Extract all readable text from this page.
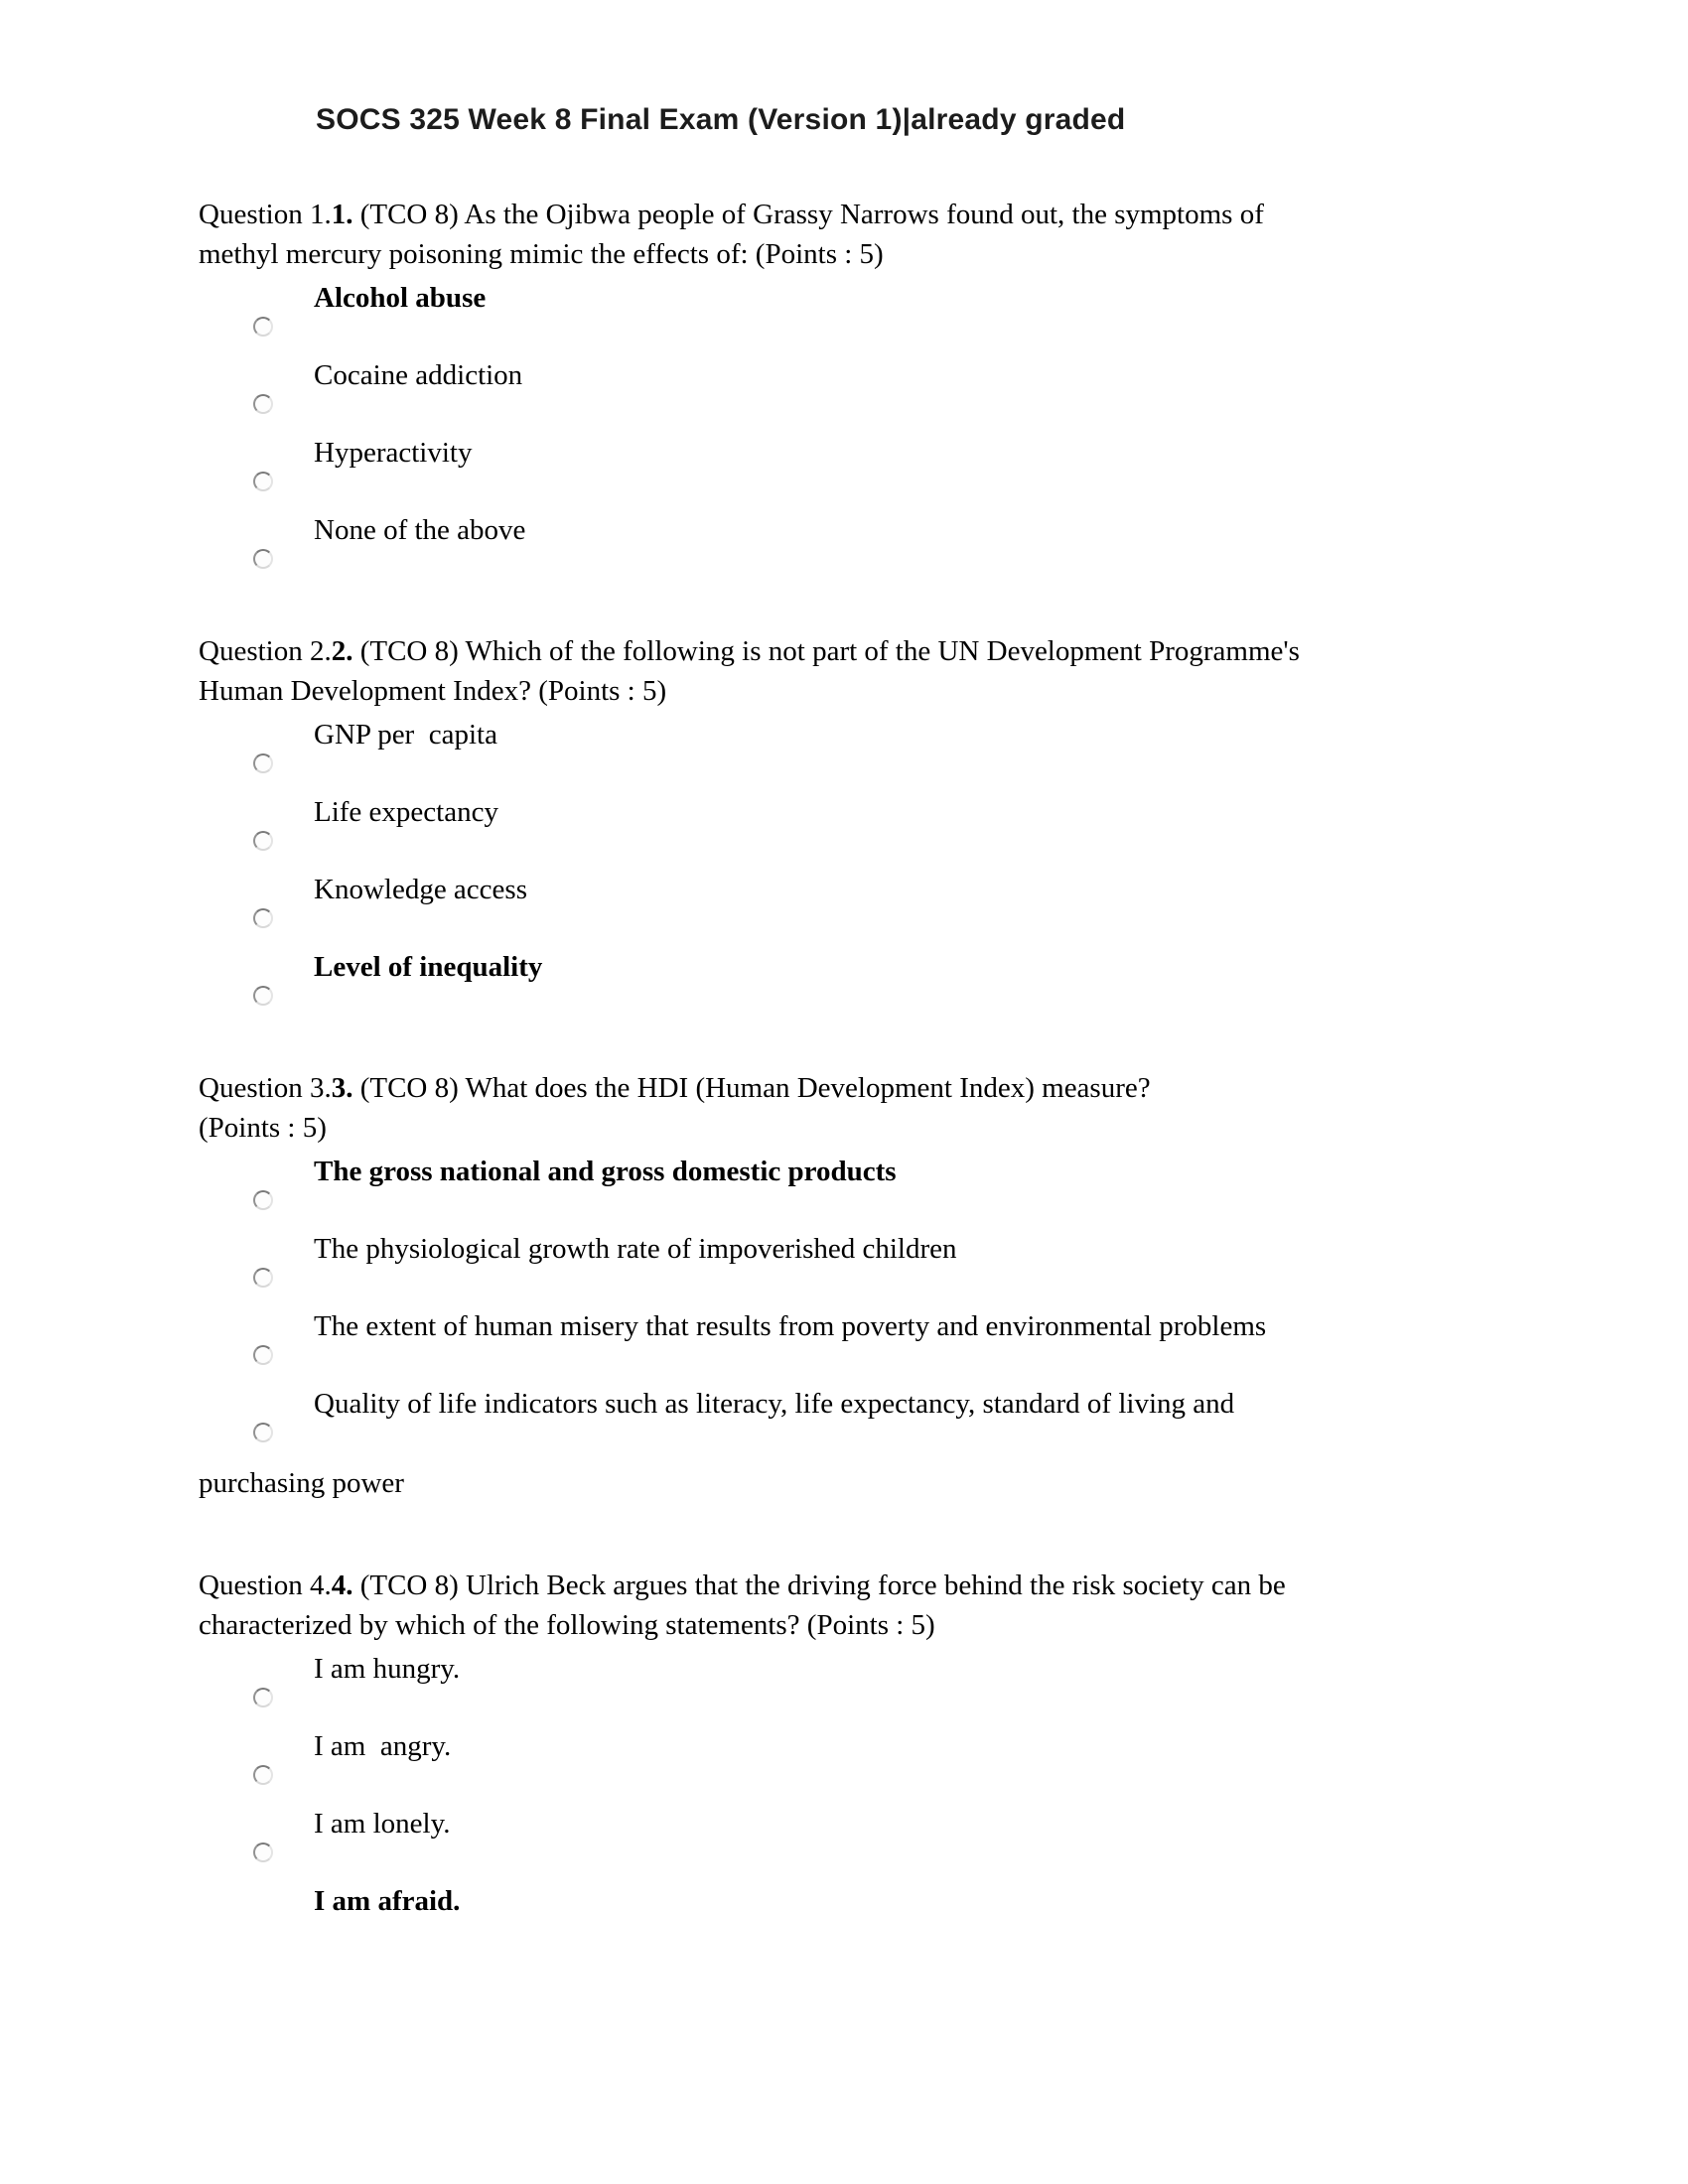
SOCS 325 Week 8 Final Exam (Version 1)|already graded
Question 1.1. (TCO 8) As the Ojibwa people of Grassy Narrows found out, the symptoms of
methyl mercury poisoning mimic the effects of: (Points : 5)
Alcohol abuse
Cocaine addiction
Hyperactivity
None of the above
Question 2.2. (TCO 8) Which of the following is not part of the UN Development Programme's
Human Development Index? (Points : 5)
GNP per  capita
Life expectancy
Knowledge access
Level of inequality
Question 3.3. (TCO 8) What does the HDI (Human Development Index) measure?
(Points : 5)
The gross national and gross domestic products
The physiological growth rate of impoverished children
The extent of human misery that results from poverty and environmental problems
Quality of life indicators such as literacy, life expectancy, standard of living and
purchasing power
Question 4.4. (TCO 8) Ulrich Beck argues that the driving force behind the risk society can be
characterized by which of the following statements? (Points : 5)
I am hungry.
I am  angry.
I am lonely.
I am afraid.
